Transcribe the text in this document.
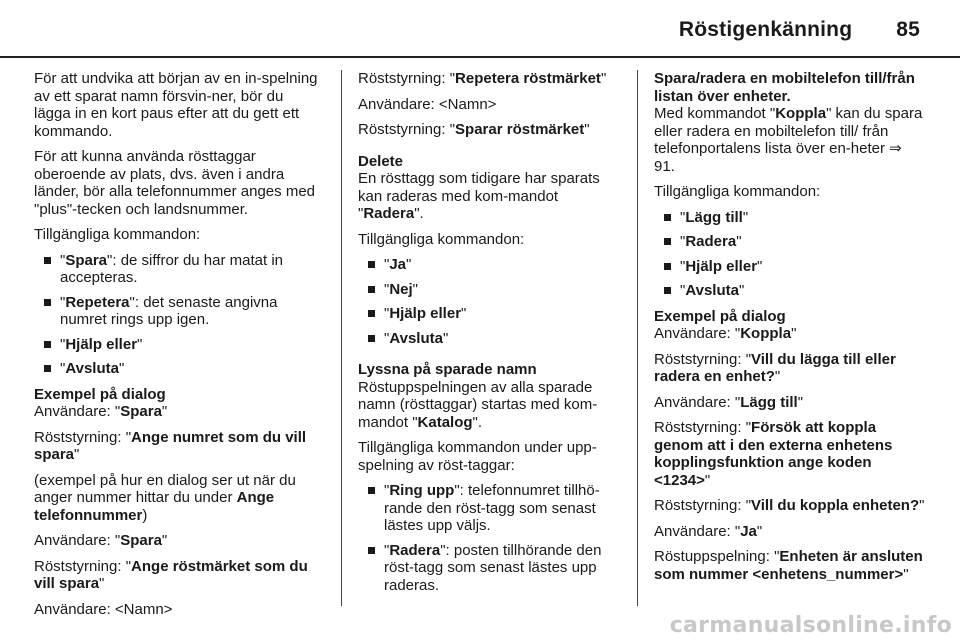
Röstigenkänning 85

För att undvika att början av en in-spelning av ett sparat namn försvin-ner, bör du lägga in en kort paus efter att du gett ett kommando.

För att kunna använda rösttaggar oberoende av plats, dvs. även i andra länder, bör alla telefonnummer anges med "plus"-tecken och landsnummer.

Tillgängliga kommandon:

"Spara": de siffror du har matat in accepteras.
"Repetera": det senaste angivna numret rings upp igen.
"Hjälp eller"
"Avsluta"
Exempel på dialog

Användare: "Spara"

Röststyrning: "Ange numret som du vill spara"

(exempel på hur en dialog ser ut när du anger nummer hittar du under Ange telefonnummer)

Användare: "Spara"

Röststyrning: "Ange röstmärket som du vill spara"

Användare: <Namn>

Röststyrning: "Repetera röstmärket"

Användare: <Namn>

Röststyrning: "Sparar röstmärket"

Delete

En rösttagg som tidigare har sparats kan raderas med kom-mandot "Radera".

Tillgängliga kommandon:

"Ja"
"Nej"
"Hjälp eller"
"Avsluta"
Lyssna på sparade namn

Röstuppspelningen av alla sparade namn (rösttaggar) startas med kom-mandot "Katalog".

Tillgängliga kommandon under upp-spelning av röst-taggar:

"Ring upp": telefonnumret tillhö-rande den röst-tagg som senast lästes upp väljs.
"Radera": posten tillhörande den röst-tagg som senast lästes upp raderas.
Spara/radera en mobiltelefon till/från listan över enheter.

Med kommandot "Koppla" kan du spara eller radera en mobiltelefon till/ från telefonportalens lista över en-heter ⇒ 91.

Tillgängliga kommandon:

"Lägg till"
"Radera"
"Hjälp eller"
"Avsluta"
Exempel på dialog

Användare: "Koppla"

Röststyrning: "Vill du lägga till eller radera en enhet?"

Användare: "Lägg till"

Röststyrning: "Försök att koppla genom att i den externa enhetens kopplingsfunktion ange koden <1234>"

Röststyrning: "Vill du koppla enheten?"

Användare: "Ja"

Röstuppspelning: "Enheten är ansluten som nummer <enhetens_nummer>"

carmanualsonline.info
